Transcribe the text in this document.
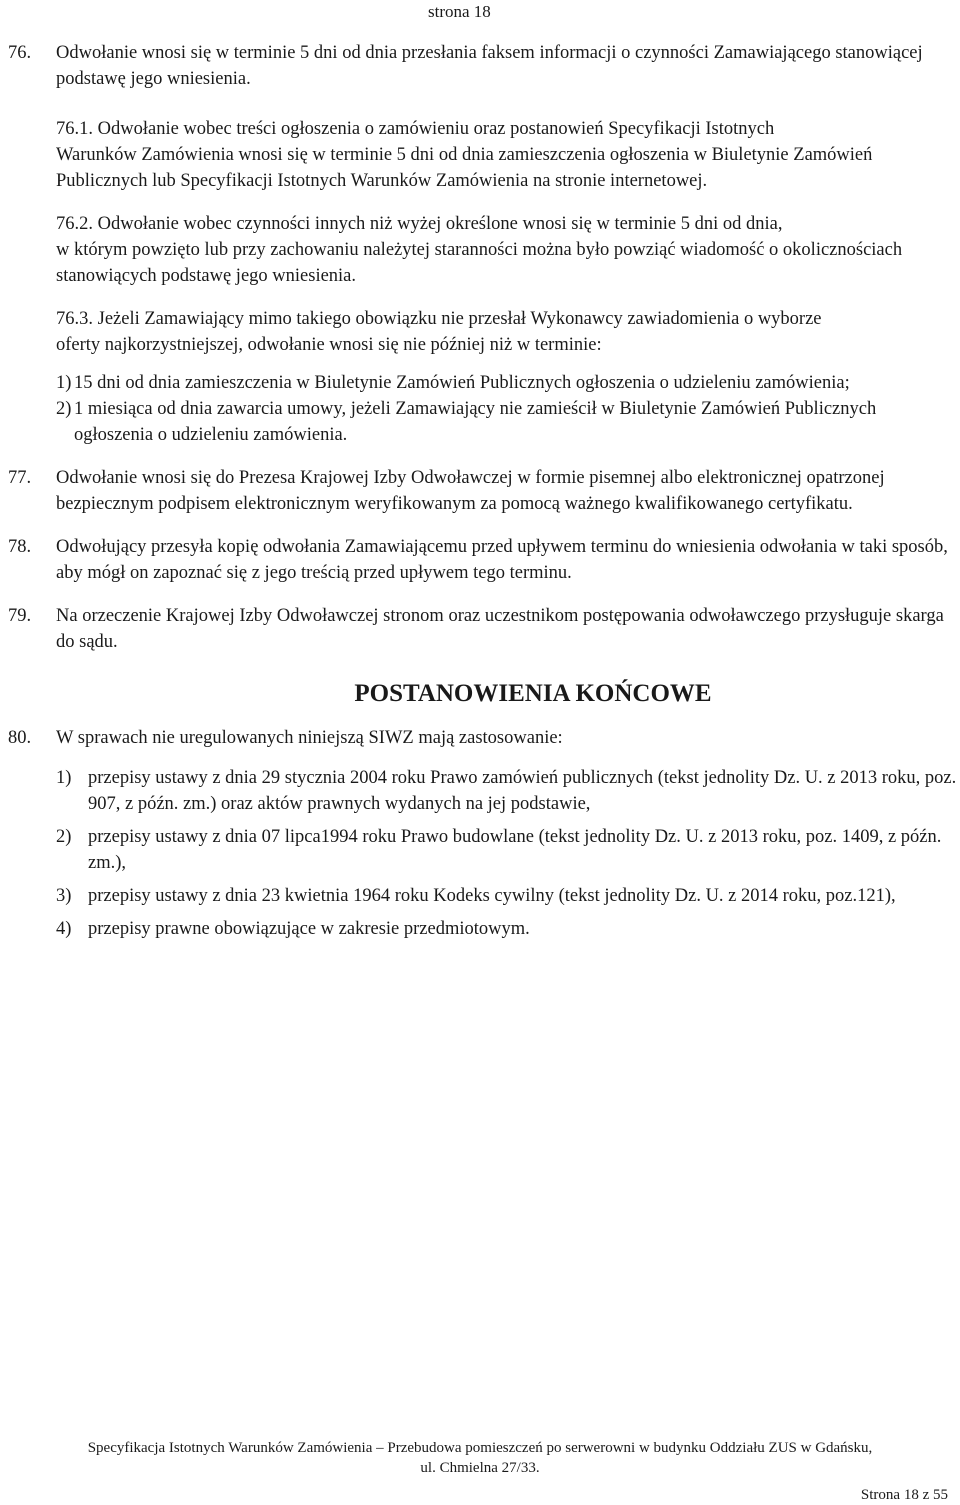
strona 18
76. Odwołanie wnosi się w terminie 5 dni od dnia przesłania faksem informacji o czynności Zamawiającego stanowiącej podstawę jego wniesienia.
76.1. Odwołanie wobec treści ogłoszenia o zamówieniu oraz postanowień Specyfikacji Istotnych
Warunków Zamówienia wnosi się w terminie 5 dni od dnia zamieszczenia ogłoszenia w Biuletynie Zamówień Publicznych lub Specyfikacji Istotnych Warunków Zamówienia na stronie internetowej.
76.2. Odwołanie wobec czynności innych niż wyżej określone wnosi się w terminie 5 dni od dnia,
w którym powzięto lub przy zachowaniu należytej staranności można było powziąć wiadomość o okolicznościach stanowiących podstawę jego wniesienia.
76.3. Jeżeli Zamawiający mimo takiego obowiązku nie przesłał Wykonawcy zawiadomienia o wyborze
oferty najkorzystniejszej, odwołanie wnosi się nie później niż w terminie:
1) 15 dni od dnia zamieszczenia w Biuletynie Zamówień Publicznych ogłoszenia o udzieleniu zamówienia;
2) 1 miesiąca od dnia zawarcia umowy, jeżeli Zamawiający nie zamieścił w Biuletynie Zamówień Publicznych ogłoszenia o udzieleniu zamówienia.
77. Odwołanie wnosi się do Prezesa Krajowej Izby Odwoławczej w formie pisemnej albo elektronicznej opatrzonej bezpiecznym podpisem elektronicznym weryfikowanym za pomocą ważnego kwalifikowanego certyfikatu.
78. Odwołujący przesyła kopię odwołania Zamawiającemu przed upływem terminu do wniesienia odwołania w taki sposób, aby mógł on zapoznać się z jego treścią przed upływem tego terminu.
79. Na orzeczenie Krajowej Izby Odwoławczej stronom oraz uczestnikom postępowania odwoławczego przysługuje skarga do sądu.
POSTANOWIENIA KOŃCOWE
80. W sprawach nie uregulowanych niniejszą SIWZ mają zastosowanie:
1) przepisy ustawy z dnia 29 stycznia 2004 roku Prawo zamówień publicznych (tekst jednolity Dz. U. z 2013 roku, poz. 907, z późn. zm.) oraz aktów prawnych wydanych na jej podstawie,
2) przepisy ustawy z dnia 07 lipca1994 roku Prawo budowlane (tekst jednolity Dz. U. z 2013 roku, poz. 1409, z późn. zm.),
3) przepisy ustawy z dnia 23 kwietnia 1964 roku Kodeks cywilny (tekst jednolity Dz. U. z 2014 roku, poz.121),
4) przepisy prawne obowiązujące w zakresie przedmiotowym.
Specyfikacja Istotnych Warunków Zamówienia – Przebudowa pomieszczeń po serwerowni w budynku Oddziału ZUS w Gdańsku,
ul. Chmielna 27/33.
Strona 18 z 55
